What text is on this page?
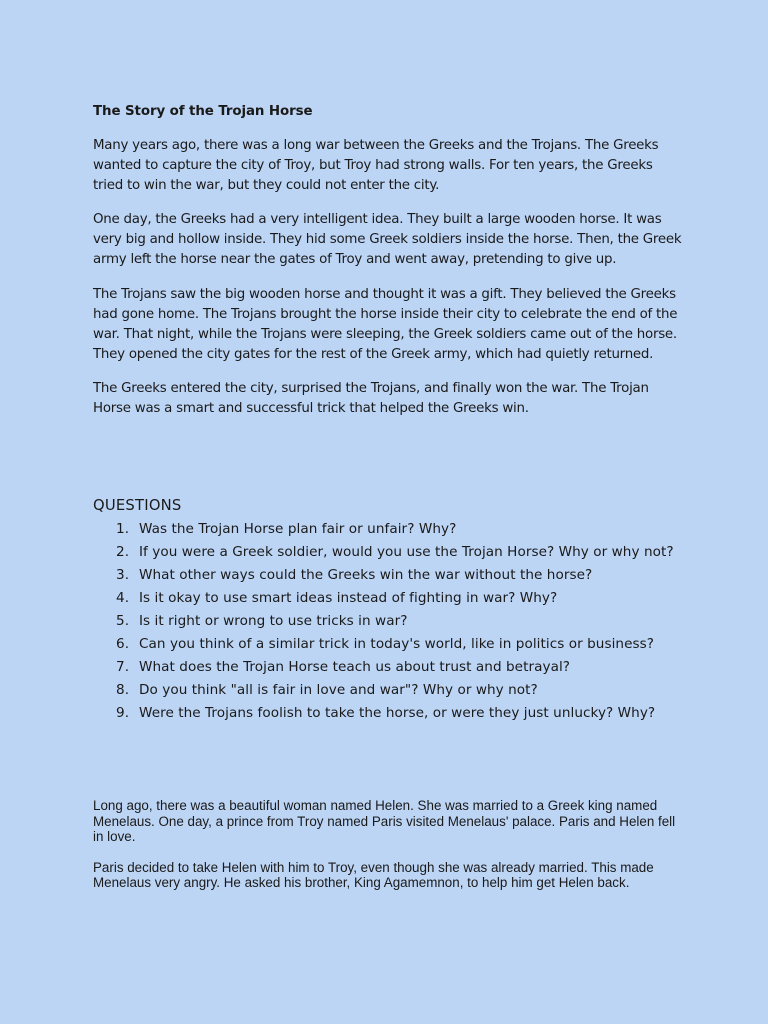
The Story of the Trojan Horse

Many years ago, there was a long war between the Greeks and the Trojans. The Greeks wanted to capture the city of Troy, but Troy had strong walls. For ten years, the Greeks tried to win the war, but they could not enter the city.

One day, the Greeks had a very intelligent idea. They built a large wooden horse. It was very big and hollow inside. They hid some Greek soldiers inside the horse. Then, the Greek army left the horse near the gates of Troy and went away, pretending to give up.

The Trojans saw the big wooden horse and thought it was a gift. They believed the Greeks had gone home. The Trojans brought the horse inside their city to celebrate the end of the war. That night, while the Trojans were sleeping, the Greek soldiers came out of the horse. They opened the city gates for the rest of the Greek army, which had quietly returned.

The Greeks entered the city, surprised the Trojans, and finally won the war. The Trojan Horse was a smart and successful trick that helped the Greeks win.

QUESTIONS
1. Was the Trojan Horse plan fair or unfair? Why?
2. If you were a Greek soldier, would you use the Trojan Horse? Why or why not?
3. What other ways could the Greeks win the war without the horse?
4. Is it okay to use smart ideas instead of fighting in war? Why?
5. Is it right or wrong to use tricks in war?
6. Can you think of a similar trick in today's world, like in politics or business?
7. What does the Trojan Horse teach us about trust and betrayal?
8. Do you think "all is fair in love and war"? Why or why not?
9. Were the Trojans foolish to take the horse, or were they just unlucky? Why?

Long ago, there was a beautiful woman named Helen. She was married to a Greek king named Menelaus. One day, a prince from Troy named Paris visited Menelaus' palace. Paris and Helen fell in love.

Paris decided to take Helen with him to Troy, even though she was already married. This made Menelaus very angry. He asked his brother, King Agamemnon, to help him get Helen back.
